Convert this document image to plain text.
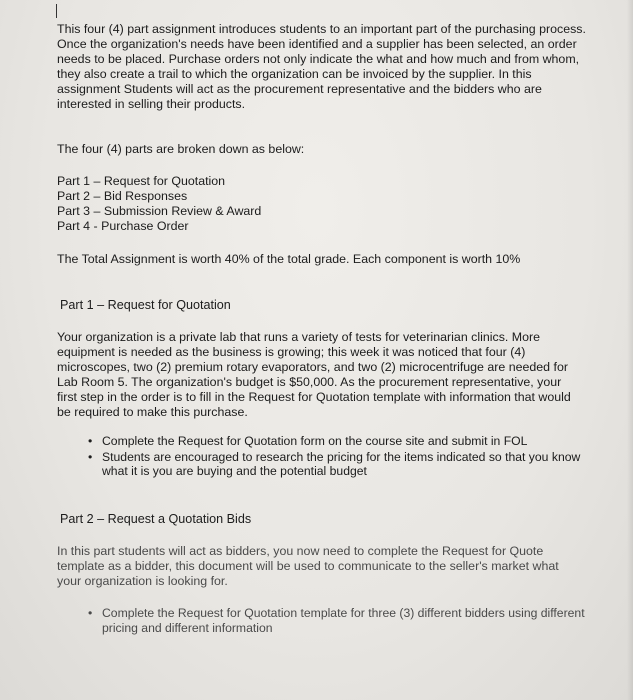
This four (4) part assignment introduces students to an important part of the purchasing process. Once the organization's needs have been identified and a supplier has been selected, an order needs to be placed. Purchase orders not only indicate the what and how much and from whom, they also create a trail to which the organization can be invoiced by the supplier. In this assignment Students will act as the procurement representative and the bidders who are interested in selling their products.

The four (4) parts are broken down as below:

Part 1 – Request for Quotation

Part 2 – Bid Responses

Part 3 – Submission Review & Award

Part 4 - Purchase Order

The Total Assignment is worth 40% of the total grade. Each component is worth 10%

Part 1 – Request for Quotation

Your organization is a private lab that runs a variety of tests for veterinarian clinics. More equipment is needed as the business is growing; this week it was noticed that four (4) microscopes, two (2) premium rotary evaporators, and two (2) microcentrifuge are needed for Lab Room 5. The organization's budget is $50,000. As the procurement representative, your first step in the order is to fill in the Request for Quotation template with information that would be required to make this purchase.

• Complete the Request for Quotation form on the course site and submit in FOL
• Students are encouraged to research the pricing for the items indicated so that you know what it is you are buying and the potential budget
Part 2 – Request a Quotation Bids

In this part students will act as bidders, you now need to complete the Request for Quote template as a bidder, this document will be used to communicate to the seller's market what your organization is looking for.

• Complete the Request for Quotation template for three (3) different bidders using different pricing and different information
